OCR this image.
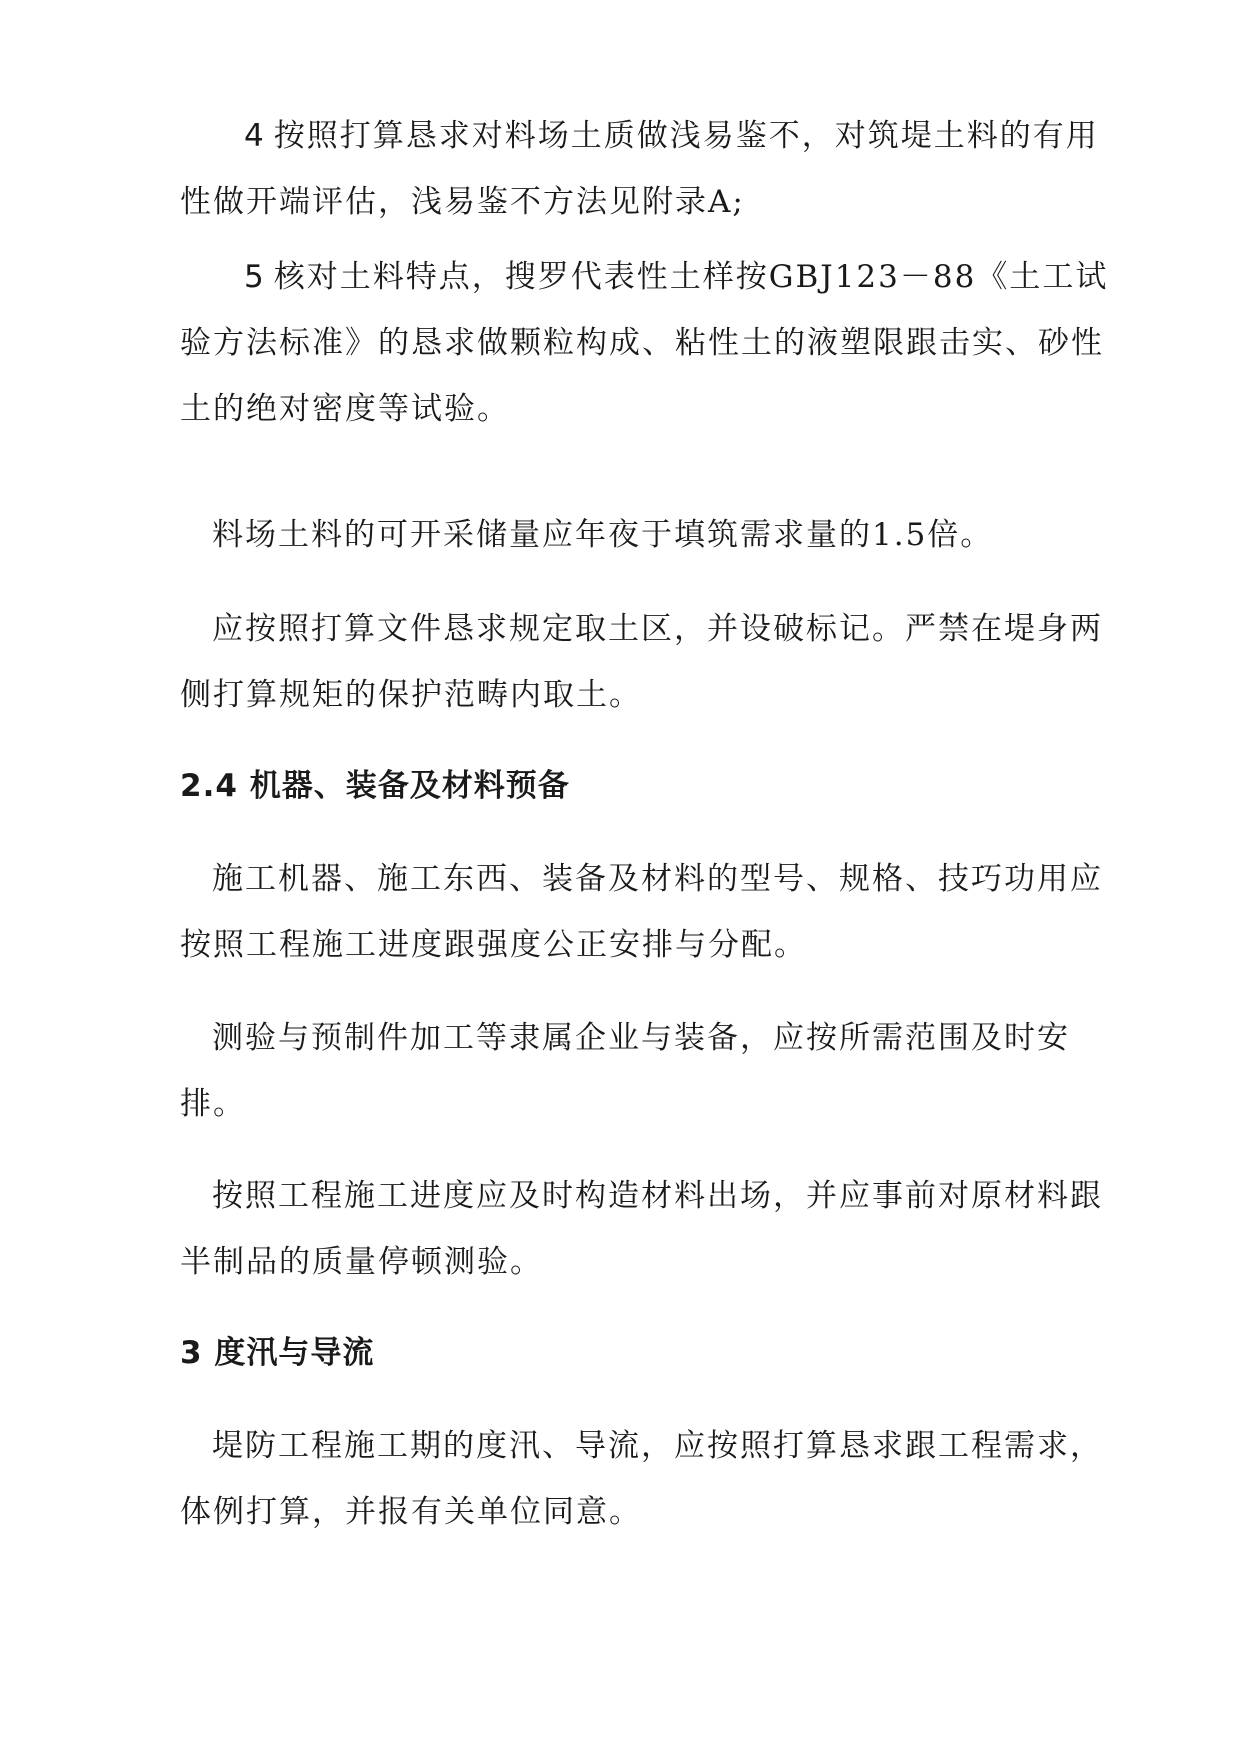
4 按照打算恳求对料场土质做浅易鉴不，对筑堤土料的有用性做开端评估，浅易鉴不方法见附录A;
5 核对土料特点，搜罗代表性土样按GBJ123－88《土工试验方法标准》的恳求做颗粒构成、粘性土的液塑限跟击实、砂性土的绝对密度等试验。
料场土料的可开采储量应年夜于填筑需求量的1.5倍。
应按照打算文件恳求规定取土区，并设破标记。严禁在堤身两侧打算规矩的保护范畴内取土。
2.4 机器、装备及材料预备
施工机器、施工东西、装备及材料的型号、规格、技巧功用应按照工程施工进度跟强度公正安排与分配。
测验与预制件加工等隶属企业与装备，应按所需范围及时安排。
按照工程施工进度应及时构造材料出场，并应事前对原材料跟半制品的质量停顿测验。
3 度汛与导流
堤防工程施工期的度汛、导流，应按照打算恳求跟工程需求，体例打算，并报有关单位同意。
